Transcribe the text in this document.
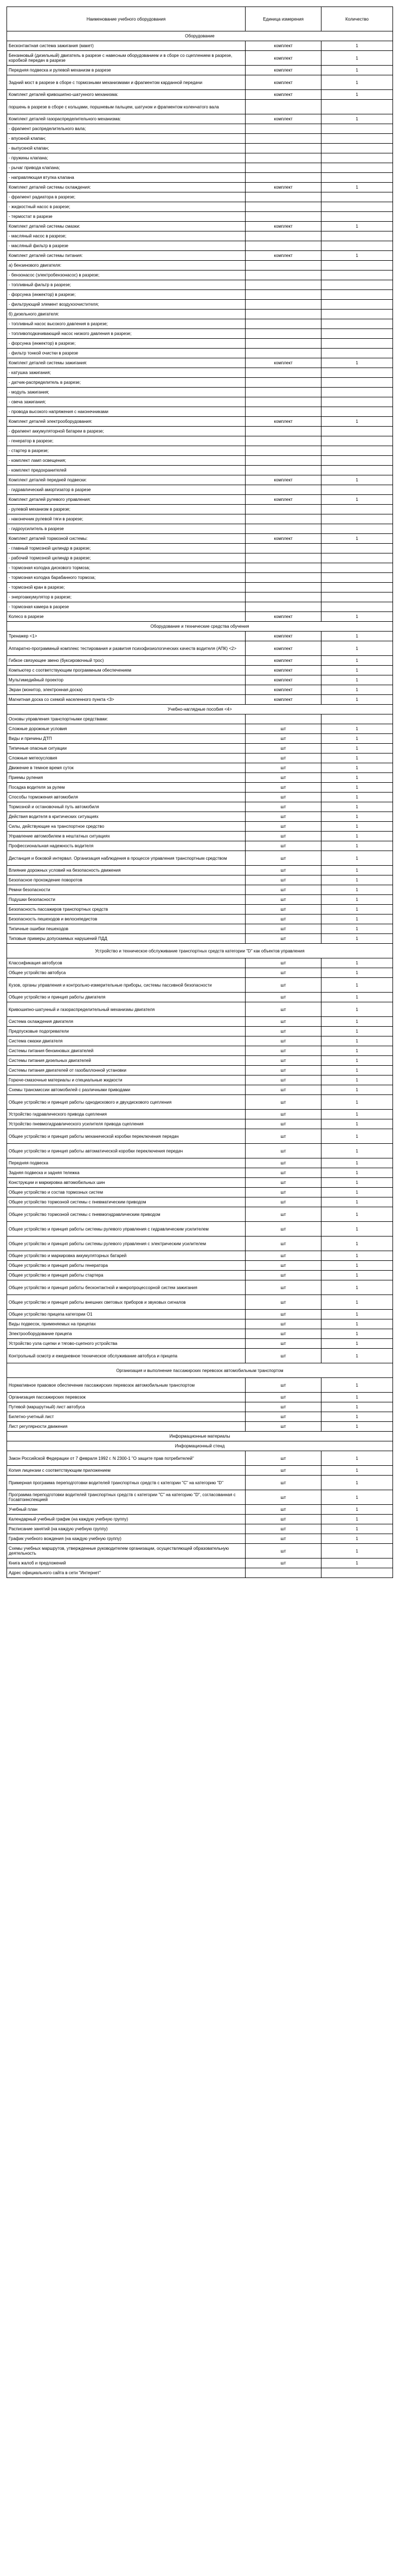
Наименование учебного оборудования	Единица измерения	Количество
Оборудование		
Бесконтактная система зажигания (макет)	комплект	1
Бензиновый (дизельный) двигатель в разрезе с навесным оборудованием и в сборе со сцеплением в разрезе, коробкой передач в разрезе	комплект	1
Передняя подвеска и рулевой механизм в разрезе	комплект	1
Задний мост в разрезе в сборе с тормозными механизмами и фрагментом карданной передачи	комплект	1
Комплект деталей кривошипно-шатунного механизма:	комплект	1
поршень в разрезе в сборе с кольцами, поршневым пальцем, шатуном и фрагментом коленчатого вала		
Комплект деталей газораспределительного механизма:	комплект	1
- фрагмент распределительного вала;		
- впускной клапан;		
- выпускной клапан;		
- пружины клапана;		
- рычаг привода клапана;		
- направляющая втулка клапана		
Комплект деталей системы охлаждения:	комплект	1
- фрагмент радиатора в разрезе;		
- жидкостный насос в разрезе;		
- термостат в разрезе		
Комплект деталей системы смазки:	комплект	1
- масляный насос в разрезе;		
- масляный фильтр в разрезе		
Комплект деталей системы питания:	комплект	1
а) бензинового двигателя:		
- бензонасос (электробензонасос) в разрезе;		
- топливный фильтр в разрезе;		
- форсунка (инжектор) в разрезе;		
- фильтрующий элемент воздухоочистителя;		
б) дизельного двигателя:		
- топливный насос высокого давления в разрезе;		
- топливоподкачивающий насос низкого давления в разрезе;		
- форсунка (инжектор) в разрезе;		
- фильтр тонкой очистки в разрезе		
Комплект деталей системы зажигания:	комплект	1
- катушка зажигания;		
- датчик-распределитель в разрезе;		
- модуль зажигания;		
- свеча зажигания;		
- провода высокого напряжения с наконечниками		
Комплект деталей электрооборудования:	комплект	1
- фрагмент аккумуляторной батареи в разрезе;		
- генератор в разрезе;		
- стартер в разрезе;		
- комплект ламп освещения;		
- комплект предохранителей		
Комплект деталей передней подвески:	комплект	1
- гидравлический амортизатор в разрезе		
Комплект деталей рулевого управления:	комплект	1
- рулевой механизм в разрезе;		
- наконечник рулевой тяги в разрезе;		
- гидроусилитель в разрезе		
Комплект деталей тормозной системы:	комплект	1
- главный тормозной цилиндр в разрезе;		
- рабочий тормозной цилиндр в разрезе;		
- тормозная колодка дискового тормоза;		
- тормозная колодка барабанного тормоза;		
- тормозной кран в разрезе;		
- энергоаккумулятор в разрезе;		
- тормозная камера в разрезе		
Колесо в разрезе	комплект	1
Оборудование и технические средства обучения		
Тренажер <1>	комплект	1
Аппаратно-программный комплекс тестирования и развития психофизиологических качеств водителя (АПК) <2>	комплект	1
Гибкое связующее звено (буксировочный трос)	комплект	1
Компьютер с соответствующим программным обеспечением	комплект	1
Мультимедийный проектор	комплект	1
Экран (монитор, электронная доска)	комплект	1
Магнитная доска со схемой населенного пункта <3>	комплект	1
Учебно-наглядные пособия <4>		
Основы управления транспортными средствами:		
Сложные дорожные условия	шт	1
Виды и причины ДТП	шт	1
Типичные опасные ситуации	шт	1
Сложные метеоусловия	шт	1
Движение в темное время суток	шт	1
Приемы руления	шт	1
Посадка водителя за рулем	шт	1
Способы торможения автомобиля	шт	1
Тормозной и остановочный путь автомобиля	шт	1
Действия водителя в критических ситуациях	шт	1
Силы, действующие на транспортное средство	шт	1
Управление автомобилем в нештатных ситуациях	шт	1
Профессиональная надежность водителя	шт	1
Дистанция и боковой интервал. Организация наблюдения в процессе управления транспортным средством	шт	1
Влияние дорожных условий на безопасность движения	шт	1
Безопасное прохождение поворотов	шт	1
Ремни безопасности	шт	1
Подушки безопасности	шт	1
Безопасность пассажиров транспортных средств	шт	1
Безопасность пешеходов и велосипедистов	шт	1
Типичные ошибки пешеходов	шт	1
Типовые примеры допускаемых нарушений ПДД	шт	1
Устройство и техническое обслуживание транспортных средств категории "D" как объектов управления		
Классификация автобусов	шт	1
Общее устройство автобуса	шт	1
Кузов, органы управления и контрольно-измерительные приборы, системы пассивной безопасности	шт	1
Общее устройство и принцип работы двигателя	шт	1
Кривошипно-шатунный и газораспределительный механизмы двигателя	шт	1
Система охлаждения двигателя	шт	1
Предпусковые подогреватели	шт	1
Система смазки двигателя	шт	1
Системы питания бензиновых двигателей	шт	1
Системы питания дизельных двигателей	шт	1
Системы питания двигателей от газобаллонной установки	шт	1
Горюче-смазочные материалы и специальные жидкости	шт	1
Схемы трансмиссии автомобилей с различными приводами	шт	1
Общее устройство и принцип работы однодискового и двухдискового сцепления	шт	1
Устройство гидравлического привода сцепления	шт	1
Устройство пневмогидравлического усилителя привода сцепления	шт	1
Общее устройство и принцип работы механической коробки переключения передач	шт	1
Общее устройство и принцип работы автоматической коробки переключения передач	шт	1
Передняя подвеска	шт	1
Задняя подвеска и задняя тележка	шт	1
Конструкции и маркировка автомобильных шин	шт	1
Общее устройство и состав тормозных систем	шт	1
Общее устройство тормозной системы с пневматическим приводом	шт	1
Общее устройство тормозной системы с пневмогидравлическим приводом	шт	1
Общее устройство и принцип работы системы рулевого управления с гидравлическим усилителем	шт	1
Общее устройство и принцип работы системы рулевого управления с электрическим усилителем	шт	1
Общее устройство и маркировка аккумуляторных батарей	шт	1
Общее устройство и принцип работы генератора	шт	1
Общее устройство и принцип работы стартера	шт	1
Общее устройство и принцип работы бесконтактной и микропроцессорной систем зажигания	шт	1
Общее устройство и принцип работы внешних световых приборов и звуковых сигналов	шт	1
Общее устройство прицепа категории О1	шт	1
Виды подвесок, применяемых на прицепах	шт	1
Электрооборудование прицепа	шт	1
Устройство узла сцепки и тягово-сцепного устройства	шт	1
Контрольный осмотр и ежедневное техническое обслуживание автобуса и прицепа	шт	1
Организация и выполнение пассажирских перевозок автомобильным транспортом		
Нормативное правовое обеспечение пассажирских перевозок автомобильным транспортом	шт	1
Организация пассажирских перевозок	шт	1
Путевой (маршрутный) лист автобуса	шт	1
Билетно-учетный лист	шт	1
Лист регулярности движения	шт	1
Информационные материалы		
Информационный стенд		
Закон Российской Федерации от 7 февраля 1992 г. N 2300-1 "О защите прав потребителей"	шт	1
Копия лицензии с соответствующим приложением	шт	1
Примерная программа переподготовки водителей транспортных средств с категории "C" на категорию "D"	шт	1
Программа переподготовки водителей транспортных средств с категории "C" на категорию "D", согласованная с Госавтоинспекцией	шт	1
Учебный план	шт	1
Календарный учебный график (на каждую учебную группу)	шт	1
Расписание занятий (на каждую учебную группу)	шт	1
График учебного вождения (на каждую учебную группу)	шт	1
Схемы учебных маршрутов, утвержденные руководителем организации, осуществляющей образовательную деятельность	шт	1
Книга жалоб и предложений	шт	1
Адрес официального сайта в сети "Интернет"		
